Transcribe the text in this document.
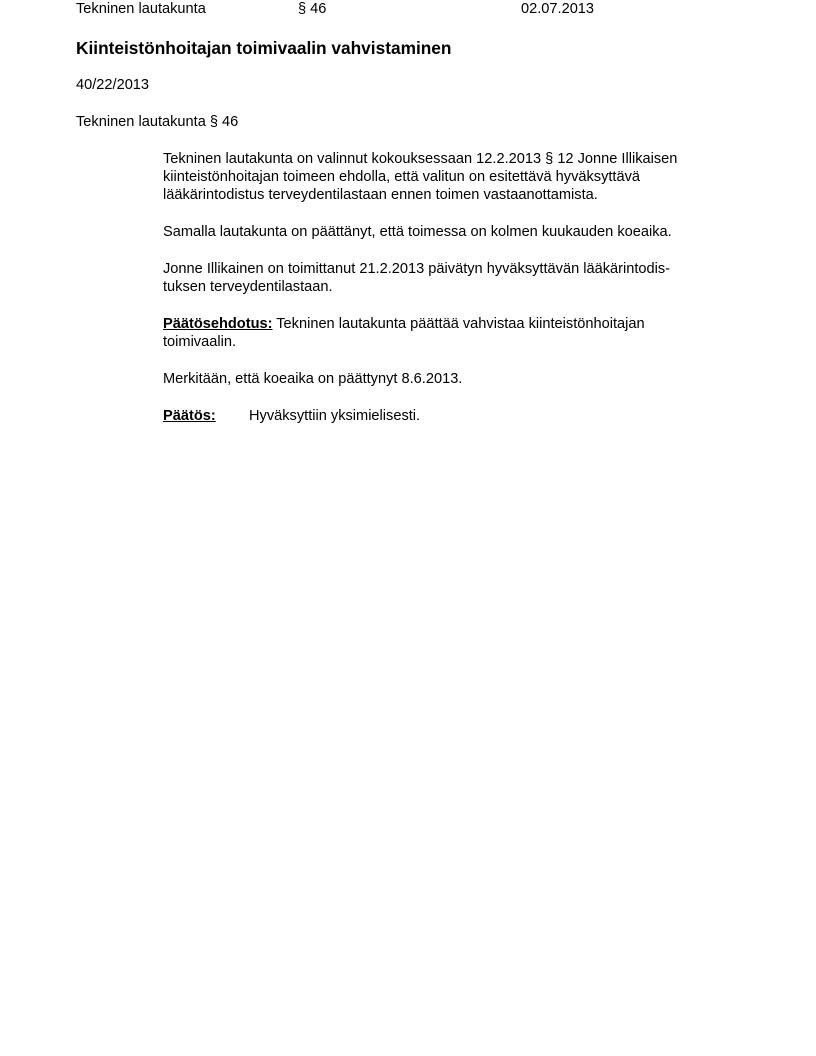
Tekninen lautakunta	§ 46	02.07.2013
Kiinteistönhoitajan toimivaalin vahvistaminen
40/22/2013
Tekninen lautakunta § 46
Tekninen lautakunta on valinnut kokouksessaan 12.2.2013 § 12 Jonne Illikaisen
kiinteistönhoitajan toimeen ehdolla, että valitun on esitettävä hyväksyttävä
lääkärintodistus terveydentilastaan ennen toimen vastaanottamista.
Samalla lautakunta on päättänyt, että toimessa on kolmen kuukauden koeaika.
Jonne Illikainen on toimittanut 21.2.2013 päivätyn hyväksyttävän lääkärintodis-
tuksen terveydentilastaan.
Päätösehdotus: Tekninen lautakunta päättää vahvistaa kiinteistönhoitajan
toimivaalin.
Merkitään, että koeaika on päättynyt 8.6.2013.
Päätös: Hyväksyttiin yksimielisesti.
